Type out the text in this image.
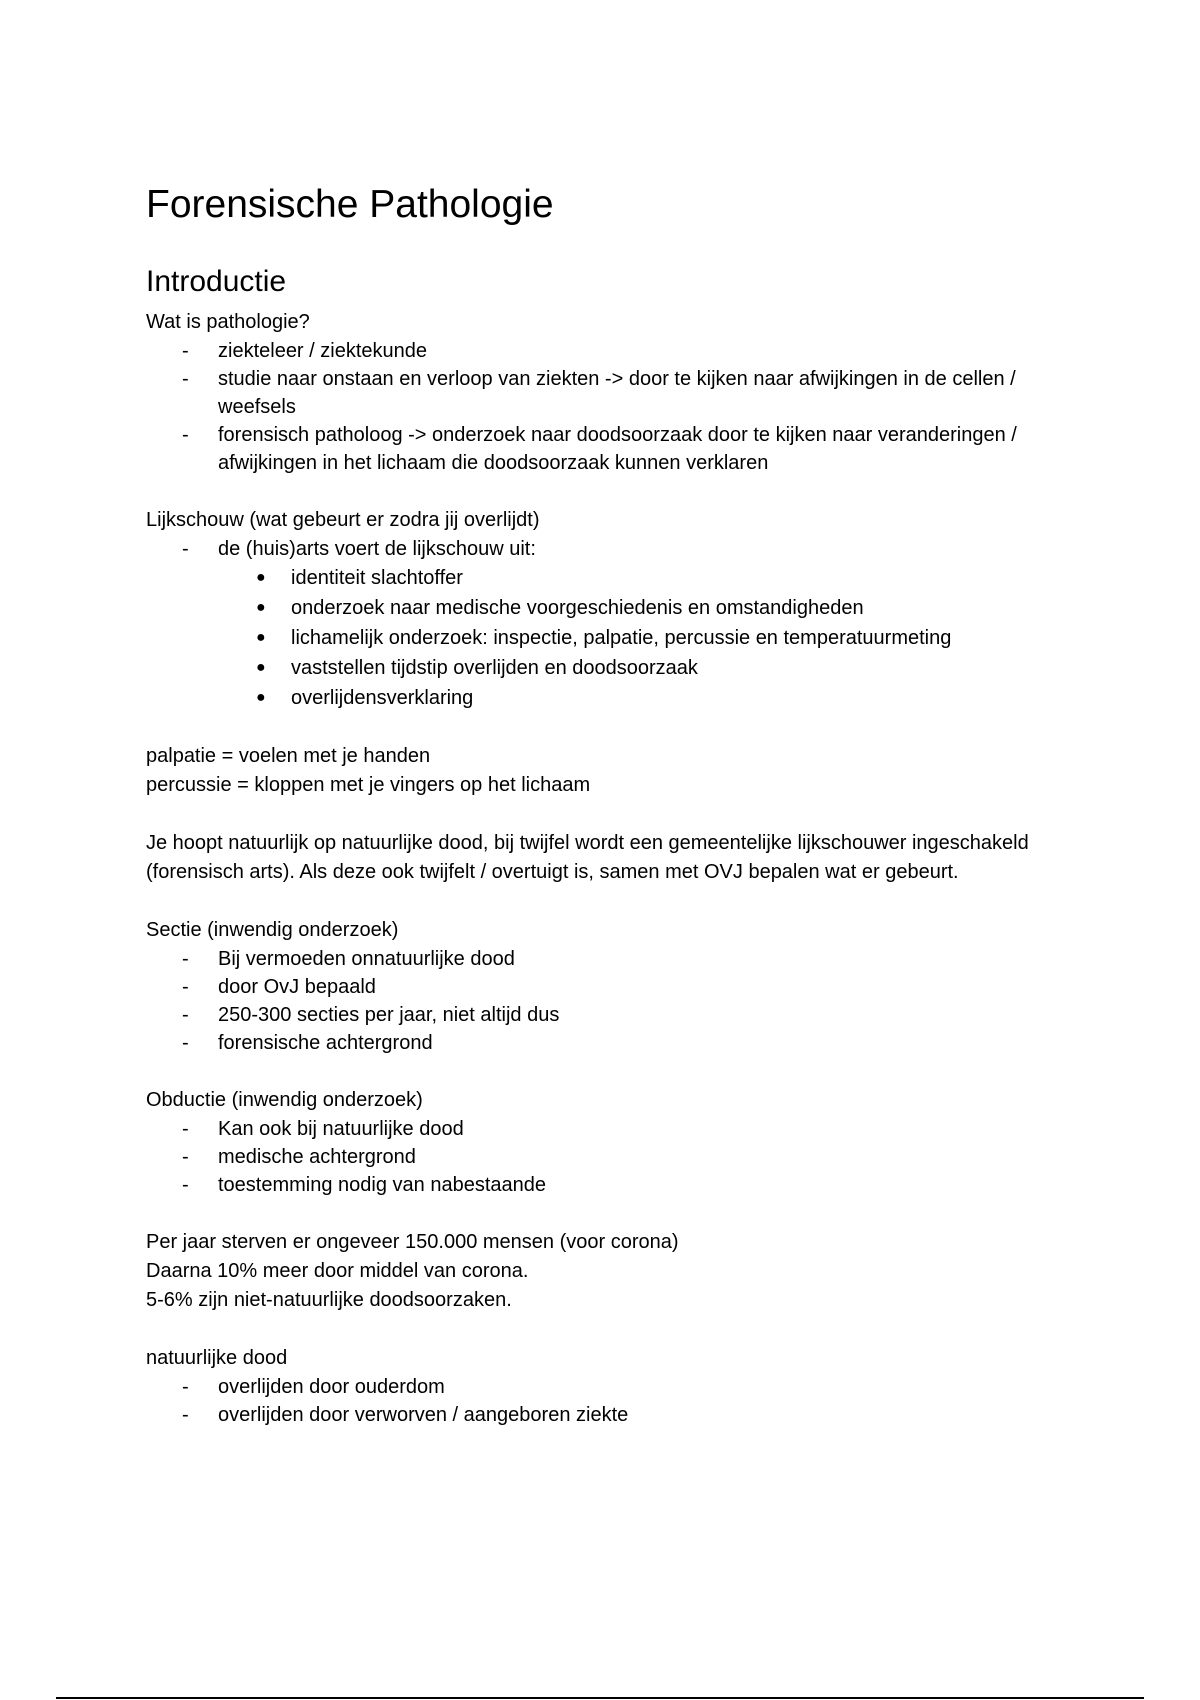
Forensische Pathologie
Introductie
Wat is pathologie?
- ziekteleer / ziektekunde
- studie naar onstaan en verloop van ziekten -> door te kijken naar afwijkingen in de cellen / weefsels
- forensisch patholoog -> onderzoek naar doodsoorzaak door te kijken naar veranderingen / afwijkingen in het lichaam die doodsoorzaak kunnen verklaren
Lijkschouw (wat gebeurt er zodra jij overlijdt)
- de (huis)arts voert de lijkschouw uit:
● identiteit slachtoffer
● onderzoek naar medische voorgeschiedenis en omstandigheden
● lichamelijk onderzoek: inspectie, palpatie, percussie en temperatuurmeting
● vaststellen tijdstip overlijden en doodsoorzaak
● overlijdensverklaring
palpatie = voelen met je handen
percussie = kloppen met je vingers op het lichaam
Je hoopt natuurlijk op natuurlijke dood, bij twijfel wordt een gemeentelijke lijkschouwer ingeschakeld (forensisch arts). Als deze ook twijfelt / overtuigt is, samen met OVJ bepalen wat er gebeurt.
Sectie (inwendig onderzoek)
- Bij vermoeden onnatuurlijke dood
- door OvJ bepaald
- 250-300 secties per jaar, niet altijd dus
- forensische achtergrond
Obductie (inwendig onderzoek)
- Kan ook bij natuurlijke dood
- medische achtergrond
- toestemming nodig van nabestaande
Per jaar sterven er ongeveer 150.000 mensen (voor corona)
Daarna 10% meer door middel van corona.
5-6% zijn niet-natuurlijke doodsoorzaken.
natuurlijke dood
- overlijden door ouderdom
- overlijden door verworven / aangeboren ziekte
